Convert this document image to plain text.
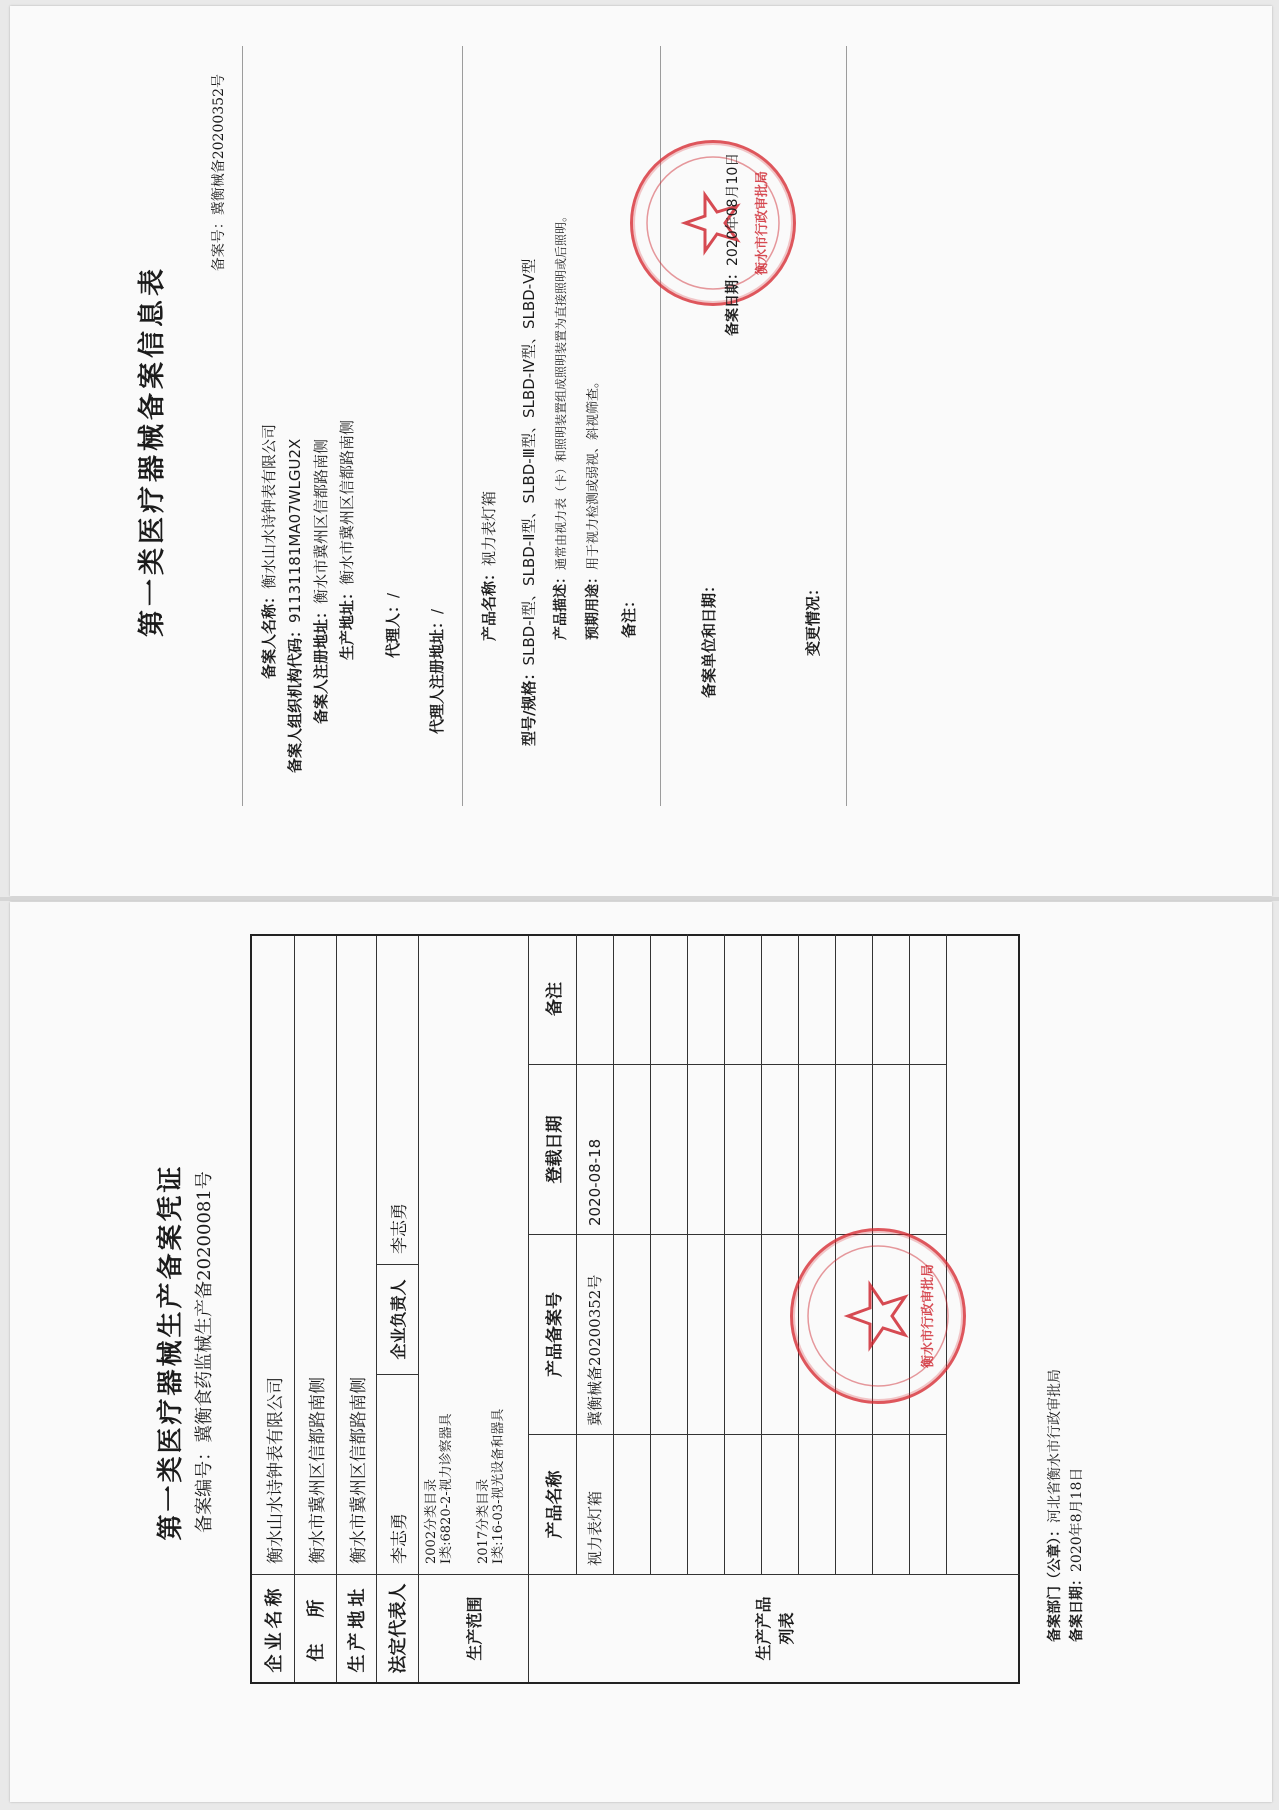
第一类医疗器械备案信息表
备案号：冀衡械备20200352号
备案人名称：衡水山水诗钟表有限公司
备案人组织机构代码：91131181MA07WLGU2X
备案人注册地址：衡水市冀州区信都路南侧
生产地址：衡水市冀州区信都路南侧
代理人：/
代理人注册地址：/ 产品名称：视力表灯箱
型号/规格：SLBD-Ⅰ型、SLBD-Ⅱ型、SLBD-Ⅲ型、SLBD-Ⅳ型、SLBD-Ⅴ型 产品描述：通常由视力表（卡）和照明装置组成照明装置为直接照明或后照明。
预期用途：用于视力检测或弱视、斜视筛查。
备注：	备案单位和日期：	变更情况：
衡水市行政审批局
备案日期：2020年08月10日
第一类医疗器械生产备案凭证 备案编号：冀衡食药监械生产备20200081号
企业名称
衡水山水诗钟表有限公司
住　所
衡水市冀州区信都路南侧
生产地址
衡水市冀州区信都路南侧
法定代表人
李志勇
企业负责人
李志勇
生产范围
2002分类目录 Ⅰ类:6820-2-视力诊察器具 2017分类目录 Ⅰ类:16-03-视光设备和器具
生产产品列表
产品名称
产品备案号
登载日期
备注
视力表灯箱
冀衡械备20200352号
2020-08-18
衡水市行政审批局
备案部门（公章）：河北省衡水市行政审批局
备案日期：2020年8月18日
